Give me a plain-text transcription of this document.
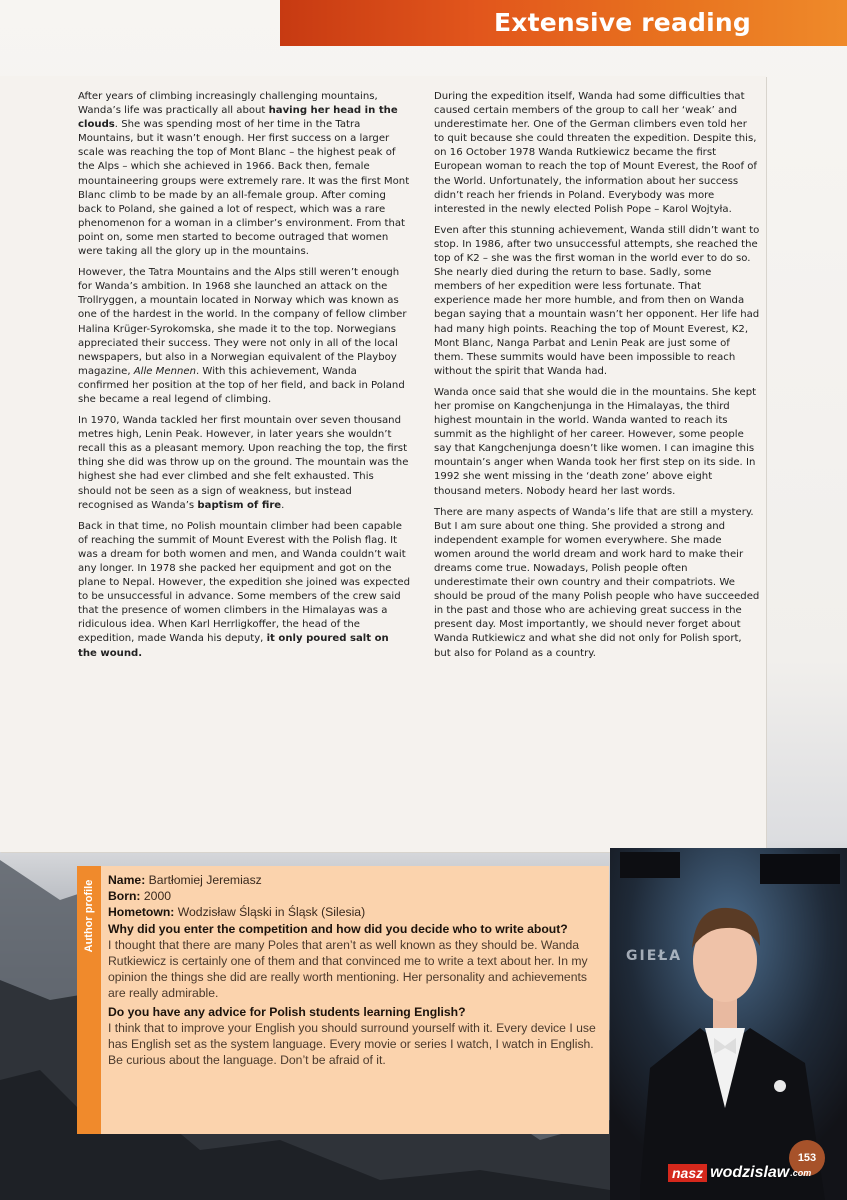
Extensive reading

After years of climbing increasingly challenging mountains, Wanda’s life was practically all about having her head in the clouds. She was spending most of her time in the Tatra Mountains, but it wasn’t enough. Her first success on a larger scale was reaching the top of Mont Blanc – the highest peak of the Alps – which she achieved in 1966. Back then, female mountaineering groups were extremely rare. It was the first Mont Blanc climb to be made by an all-female group. After coming back to Poland, she gained a lot of respect, which was a rare phenomenon for a woman in a climber’s environment. From that point on, some men started to become outraged that women were taking all the glory up in the mountains.

However, the Tatra Mountains and the Alps still weren’t enough for Wanda’s ambition. In 1968 she launched an attack on the Trollryggen, a mountain located in Norway which was known as one of the hardest in the world. In the company of fellow climber Halina Krüger-Syrokomska, she made it to the top. Norwegians appreciated their success. They were not only in all of the local newspapers, but also in a Norwegian equivalent of the Playboy magazine, Alle Mennen. With this achievement, Wanda confirmed her position at the top of her field, and back in Poland she became a real legend of climbing.

In 1970, Wanda tackled her first mountain over seven thousand metres high, Lenin Peak. However, in later years she wouldn’t recall this as a pleasant memory. Upon reaching the top, the first thing she did was throw up on the ground. The mountain was the highest she had ever climbed and she felt exhausted. This should not be seen as a sign of weakness, but instead recognised as Wanda’s baptism of fire.

Back in that time, no Polish mountain climber had been capable of reaching the summit of Mount Everest with the Polish flag. It was a dream for both women and men, and Wanda couldn’t wait any longer. In 1978 she packed her equipment and got on the plane to Nepal. However, the expedition she joined was expected to be unsuccessful in advance. Some members of the crew said that the presence of women climbers in the Himalayas was a ridiculous idea. When Karl Herrligkoffer, the head of the expedition, made Wanda his deputy, it only poured salt on the wound.

During the expedition itself, Wanda had some difficulties that caused certain members of the group to call her ‘weak’ and underestimate her. One of the German climbers even told her to quit because she could threaten the expedition. Despite this, on 16 October 1978 Wanda Rutkiewicz became the first European woman to reach the top of Mount Everest, the Roof of the World. Unfortunately, the information about her success didn’t reach her friends in Poland. Everybody was more interested in the newly elected Polish Pope – Karol Wojtyła.

Even after this stunning achievement, Wanda still didn’t want to stop. In 1986, after two unsuccessful attempts, she reached the top of K2 – she was the first woman in the world ever to do so. She nearly died during the return to base. Sadly, some members of her expedition were less fortunate. That experience made her more humble, and from then on Wanda began saying that a mountain wasn’t her opponent. Her life had had many high points. Reaching the top of Mount Everest, K2, Mont Blanc, Nanga Parbat and Lenin Peak are just some of them. These summits would have been impossible to reach without the spirit that Wanda had.

Wanda once said that she would die in the mountains. She kept her promise on Kangchenjunga in the Himalayas, the third highest mountain in the world. Wanda wanted to reach its summit as the highlight of her career. However, some people say that Kangchenjunga doesn’t like women. I can imagine this mountain’s anger when Wanda took her first step on its side. In 1992 she went missing in the ‘death zone’ above eight thousand meters. Nobody heard her last words.

There are many aspects of Wanda’s life that are still a mystery. But I am sure about one thing. She provided a strong and independent example for women everywhere. She made women around the world dream and work hard to make their dreams come true. Nowadays, Polish people often underestimate their own country and their compatriots. We should be proud of the many Polish people who have succeeded in the past and those who are achieving great success in the present day. Most importantly, we should never forget about Wanda Rutkiewicz and what she did not only for Polish sport, but also for Poland as a country.

Author profile Name: Bartłomiej Jeremiasz

Born: 2000

Hometown: Wodzisław Śląski in Śląsk (Silesia)

Why did you enter the competition and how did you decide who to write about?

I thought that there are many Poles that aren’t as well known as they should be. Wanda Rutkiewicz is certainly one of them and that convinced me to write a text about her. In my opinion the things she did are really worth mentioning. Her personality and achievements are really admirable.

Do you have any advice for Polish students learning English?

I think that to improve your English you should surround yourself with it. Every device I use has English set as the system language. Every movie or series I watch, I watch in English. Be curious about the language. Don’t be afraid of it.

GIEŁA
153
nasz wodzislaw .com
